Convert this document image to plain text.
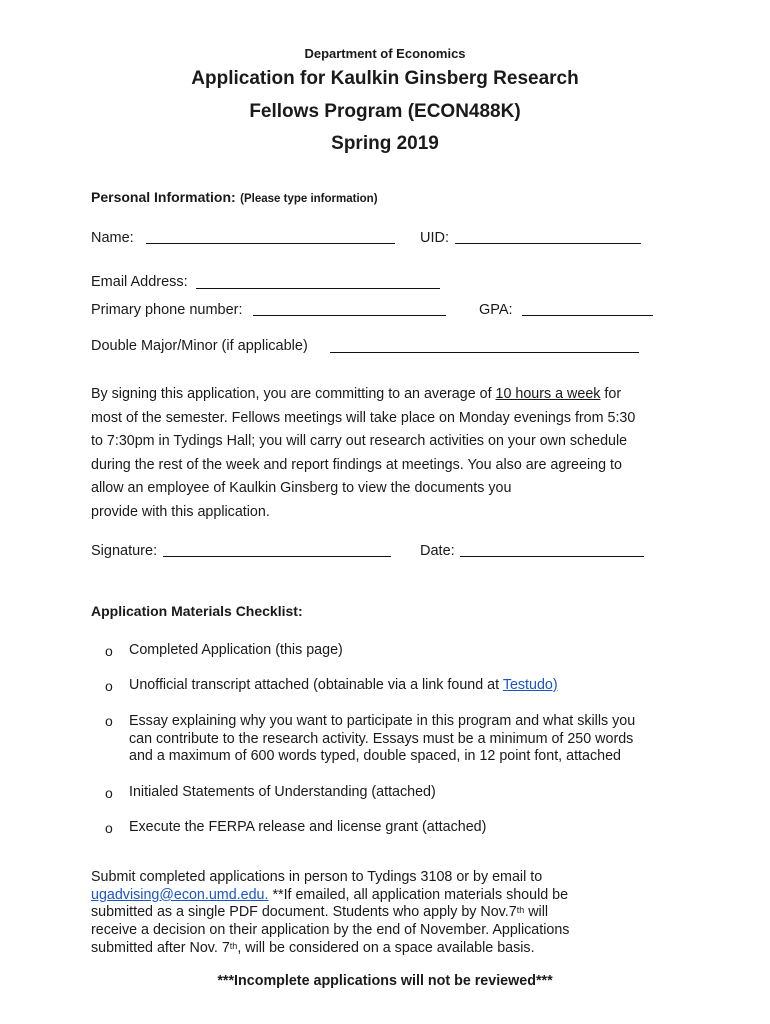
Department of Economics
Application for Kaulkin Ginsberg Research
Fellows Program (ECON488K)
Spring 2019
Personal Information: (Please type information)
Name:	UID:
Email Address:
Primary phone number:	GPA:
Double Major/Minor (if applicable)
By signing this application, you are committing to an average of 10 hours a week for
most of the semester. Fellows meetings will take place on Monday evenings from 5:30
to 7:30pm in Tydings Hall; you will carry out research activities on your own schedule
during the rest of the week and report findings at meetings. You also are agreeing to
allow an employee of Kaulkin Ginsberg to view the documents you
provide with this application.
Signature:	Date:
Application Materials Checklist:
o Completed Application (this page)
o Unofficial transcript attached (obtainable via a link found at Testudo)
o Essay explaining why you want to participate in this program and what skills you
can contribute to the research activity. Essays must be a minimum of 250 words
and a maximum of 600 words typed, double spaced, in 12 point font, attached
o Initialed Statements of Understanding (attached)
o Execute the FERPA release and license grant (attached)
Submit completed applications in person to Tydings 3108 or by email to
ugadvising@econ.umd.edu. **If emailed, all application materials should be
submitted as a single PDF document. Students who apply by Nov.7th will
receive a decision on their application by the end of November. Applications
submitted after Nov. 7th, will be considered on a space available basis.
***Incomplete applications will not be reviewed***
